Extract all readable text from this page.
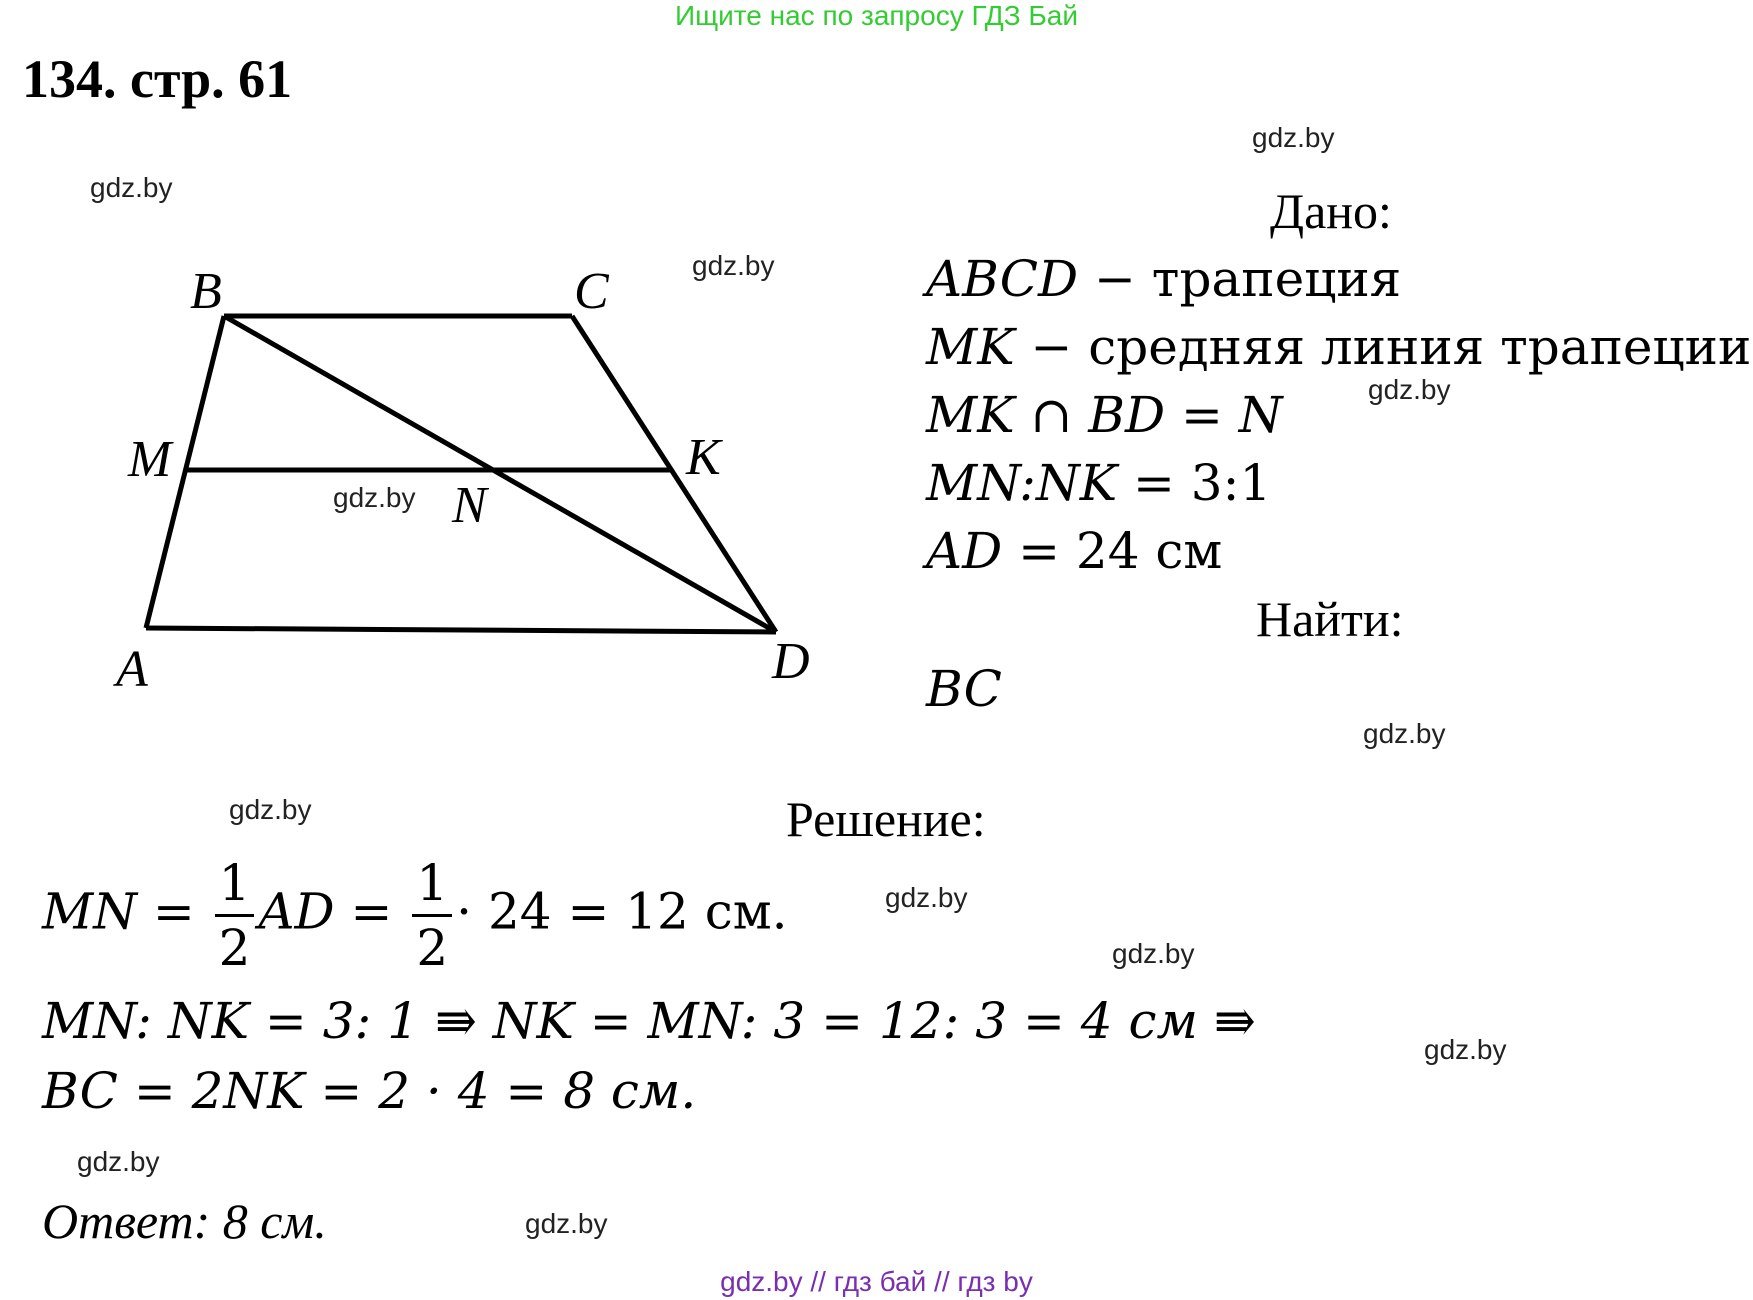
Ищите нас по запросу ГДЗ Бай
134. стр. 61
gdz.by
gdz.by
gdz.by
gdz.by
gdz.by
gdz.by
gdz.by
gdz.by
gdz.by
gdz.by
gdz.by
gdz.by
B	C
M	K
N
A	D
Дано:
ABCD − трапеция
MK − средняя линия трапеции
MK ∩ BD = N
MN:NK = 3:1
AD = 24 см
Найти:
BC
Решение:
MN = $\frac{1}{2}$ AD = $\frac{1}{2} \cdot 24 = 12$ см.
MN: NK = 3: 1 ⇛ NK = MN: 3 = 12: 3 = 4 см ⇛
BC = 2NK = 2 · 4 = 8 см.
Ответ: 8 см.
gdz.by // гдз бай // гдз by
